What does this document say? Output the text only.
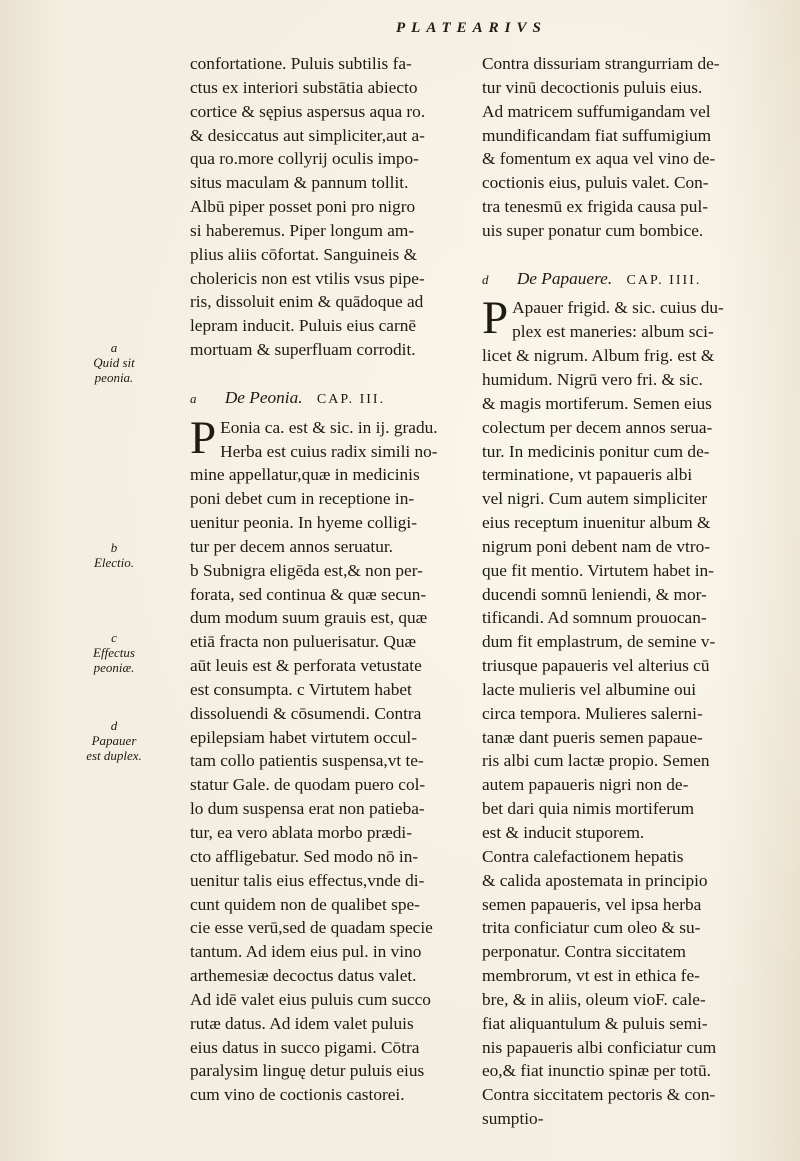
PLATEARIVS
a
Quid sit
peonia.
b
Electio.
c
Effectus
peoniæ.
d
Papauer
est duplex.
confortatione. Puluis subtilis fa-
ctus ex interiori substātia abiecto
cortice & sępius aspersus aqua ro.
& desiccatus aut simpliciter,aut a-
qua ro.more collyrij oculis impo-
situs maculam & pannum tollit.
Albū piper posset poni pro nigro
si haberemus. Piper longum am-
plius aliis cōfortat. Sanguineis &
cholericis non est vtilis vsus pipe-
ris, dissoluit enim & quādoque ad
lepram inducit. Puluis eius carnē
mortuam & superfluam corrodit.
a De Peonia. CAP. III.
P Eonia ca. est & sic. in ij. gradu.
Herba est cuius radix simili no-
mine appellatur,quæ in medicinis
poni debet cum in receptione in-
uenitur peonia. In hyeme colligi-
tur per decem annos seruatur.
b Subnigra eligēda est,& non per-
forata, sed continua & quæ secun-
dum modum suum grauis est, quæ
etiā fracta non puluerisatur. Quæ
aūt leuis est & perforata vetustate
est consumpta. c Virtutem habet
dissoluendi & cōsumendi. Contra
epilepsiam habet virtutem occul-
tam collo patientis suspensa,vt te-
statur Gale. de quodam puero col-
lo dum suspensa erat non patieba-
tur, ea vero ablata morbo prædi-
cto affligebatur. Sed modo nō in-
uenitur talis eius effectus,vnde di-
cunt quidem non de qualibet spe-
cie esse verū,sed de quadam specie
tantum. Ad idem eius pul. in vino
arthemesiæ decoctus datus valet.
Ad idē valet eius puluis cum succo
rutæ datus. Ad idem valet puluis
eius datus in succo pigami. Cōtra
paralysim linguę detur puluis eius
cum vino de coctionis castorei.
Contra dissuriam strangurriam de-
tur vinū decoctionis puluis eius.
Ad matricem suffumigandam vel
mundificandam fiat suffumigium
& fomentum ex aqua vel vino de-
coctionis eius, puluis valet. Con-
tra tenesmū ex frigida causa pul-
uis super ponatur cum bombice.
d De Papauere. CAP. IIII.
P Apauer frigid. & sic. cuius du-
plex est maneries: album sci-
licet & nigrum. Album frig. est &
humidum. Nigrū vero fri. & sic.
& magis mortiferum. Semen eius
colectum per decem annos serua-
tur. In medicinis ponitur cum de-
terminatione, vt papaueris albi
vel nigri. Cum autem simpliciter
eius receptum inuenitur album &
nigrum poni debent nam de vtro-
que fit mentio. Virtutem habet in-
ducendi somnū leniendi, & mor-
tificandi. Ad somnum prouocan-
dum fit emplastrum, de semine v-
triusque papaueris vel alterius cū
lacte mulieris vel albumine oui
circa tempora. Mulieres salerni-
tanæ dant pueris semen papaue-
ris albi cum lactæ propio. Semen
autem papaueris nigri non de-
bet dari quia nimis mortiferum
est & inducit stuporem.
Contra calefactionem hepatis
& calida apostemata in principio
semen papaueris, vel ipsa herba
trita conficiatur cum oleo & su-
perponatur. Contra siccitatem
membrorum, vt est in ethica fe-
bre, & in aliis, oleum vioF. cale-
fiat aliquantulum & puluis semi-
nis papaueris albi conficiatur cum
eo,& fiat inunctio spinæ per totū.
Contra siccitatem pectoris & con-
sumptio-
